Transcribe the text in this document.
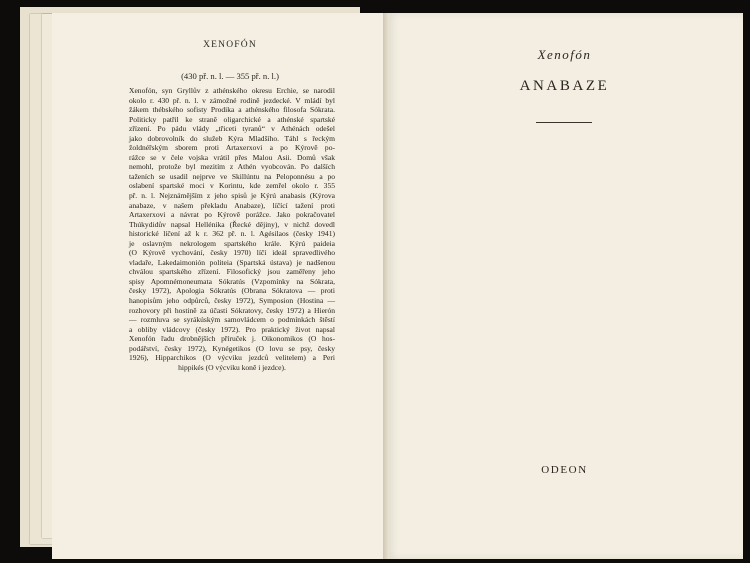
XENOFÓN
(430 př. n. l. — 355 př. n. l.)
Xenofón, syn Gryllův z athénského okresu Erchie, se narodil
okolo r. 430 př. n. l. v zámožné rodině jezdecké. V mládí byl
žákem thébského sofisty Prodika a athénského filosofa Sókrata.
Politicky patřil ke straně oligarchické a athénské spartské
zřízení. Po pádu vlády „třiceti tyranů“ v Athénách odešel
jako dobrovolník do služeb Kýra Mladšího. Táhl s řeckým
žoldnéřským sborem proti Artaxerxovi a po Kýrově po-
rážce se v čele vojska vrátil přes Malou Asii. Domů však
nemohl, protože byl mezitím z Athén vyobcován. Po dalších
taženích se usadil nejprve ve Skillúntu na Peloponnésu a po
oslabení spartské moci v Korintu, kde zemřel okolo r. 355
př. n. l. Nejznámějším z jeho spisů je Kýrú anabasis (Kýrova
anabaze, v našem překladu Anabaze), líčící tažení proti
Artaxerxovi a návrat po Kýrově porážce. Jako pokračovatel
Thúkydidův napsal Hellénika (Řecké dějiny), v nichž dovedl
historické líčení až k r. 362 př. n. l. Agésilaos (česky 1941)
je oslavným nekrologem spartského krále. Kýrú paideia
(O Kýrově vychování, česky 1970) líčí ideál spravedlivého
vladaře, Lakedaimonión politeia (Spartská ústava) je nadšenou
chválou spartského zřízení. Filosofický jsou zaměřeny jeho
spisy Apomnémoneumata Sókratús (Vzpomínky na Sókrata,
česky 1972), Apologia Sókratús (Obrana Sókratova — proti
hanopisům jeho odpůrců, česky 1972), Symposion (Hostina —
rozhovory při hostině za účasti Sókratovy, česky 1972) a Hierón
— rozmluva se syrákúským samovládcem o podmínkách štěstí
a obliby vládcovy (česky 1972). Pro praktický život napsal
Xenofón řadu drobnějších příruček j. Oikonomikos (O hos-
podářství, česky 1972), Kynégetikos (O lovu se psy, česky
1926), Hipparchikos (O výcviku jezdců velitelem) a Peri
hippikés (O výcviku koně i jezdce).
Xenofón
ANABAZE
ODEON
